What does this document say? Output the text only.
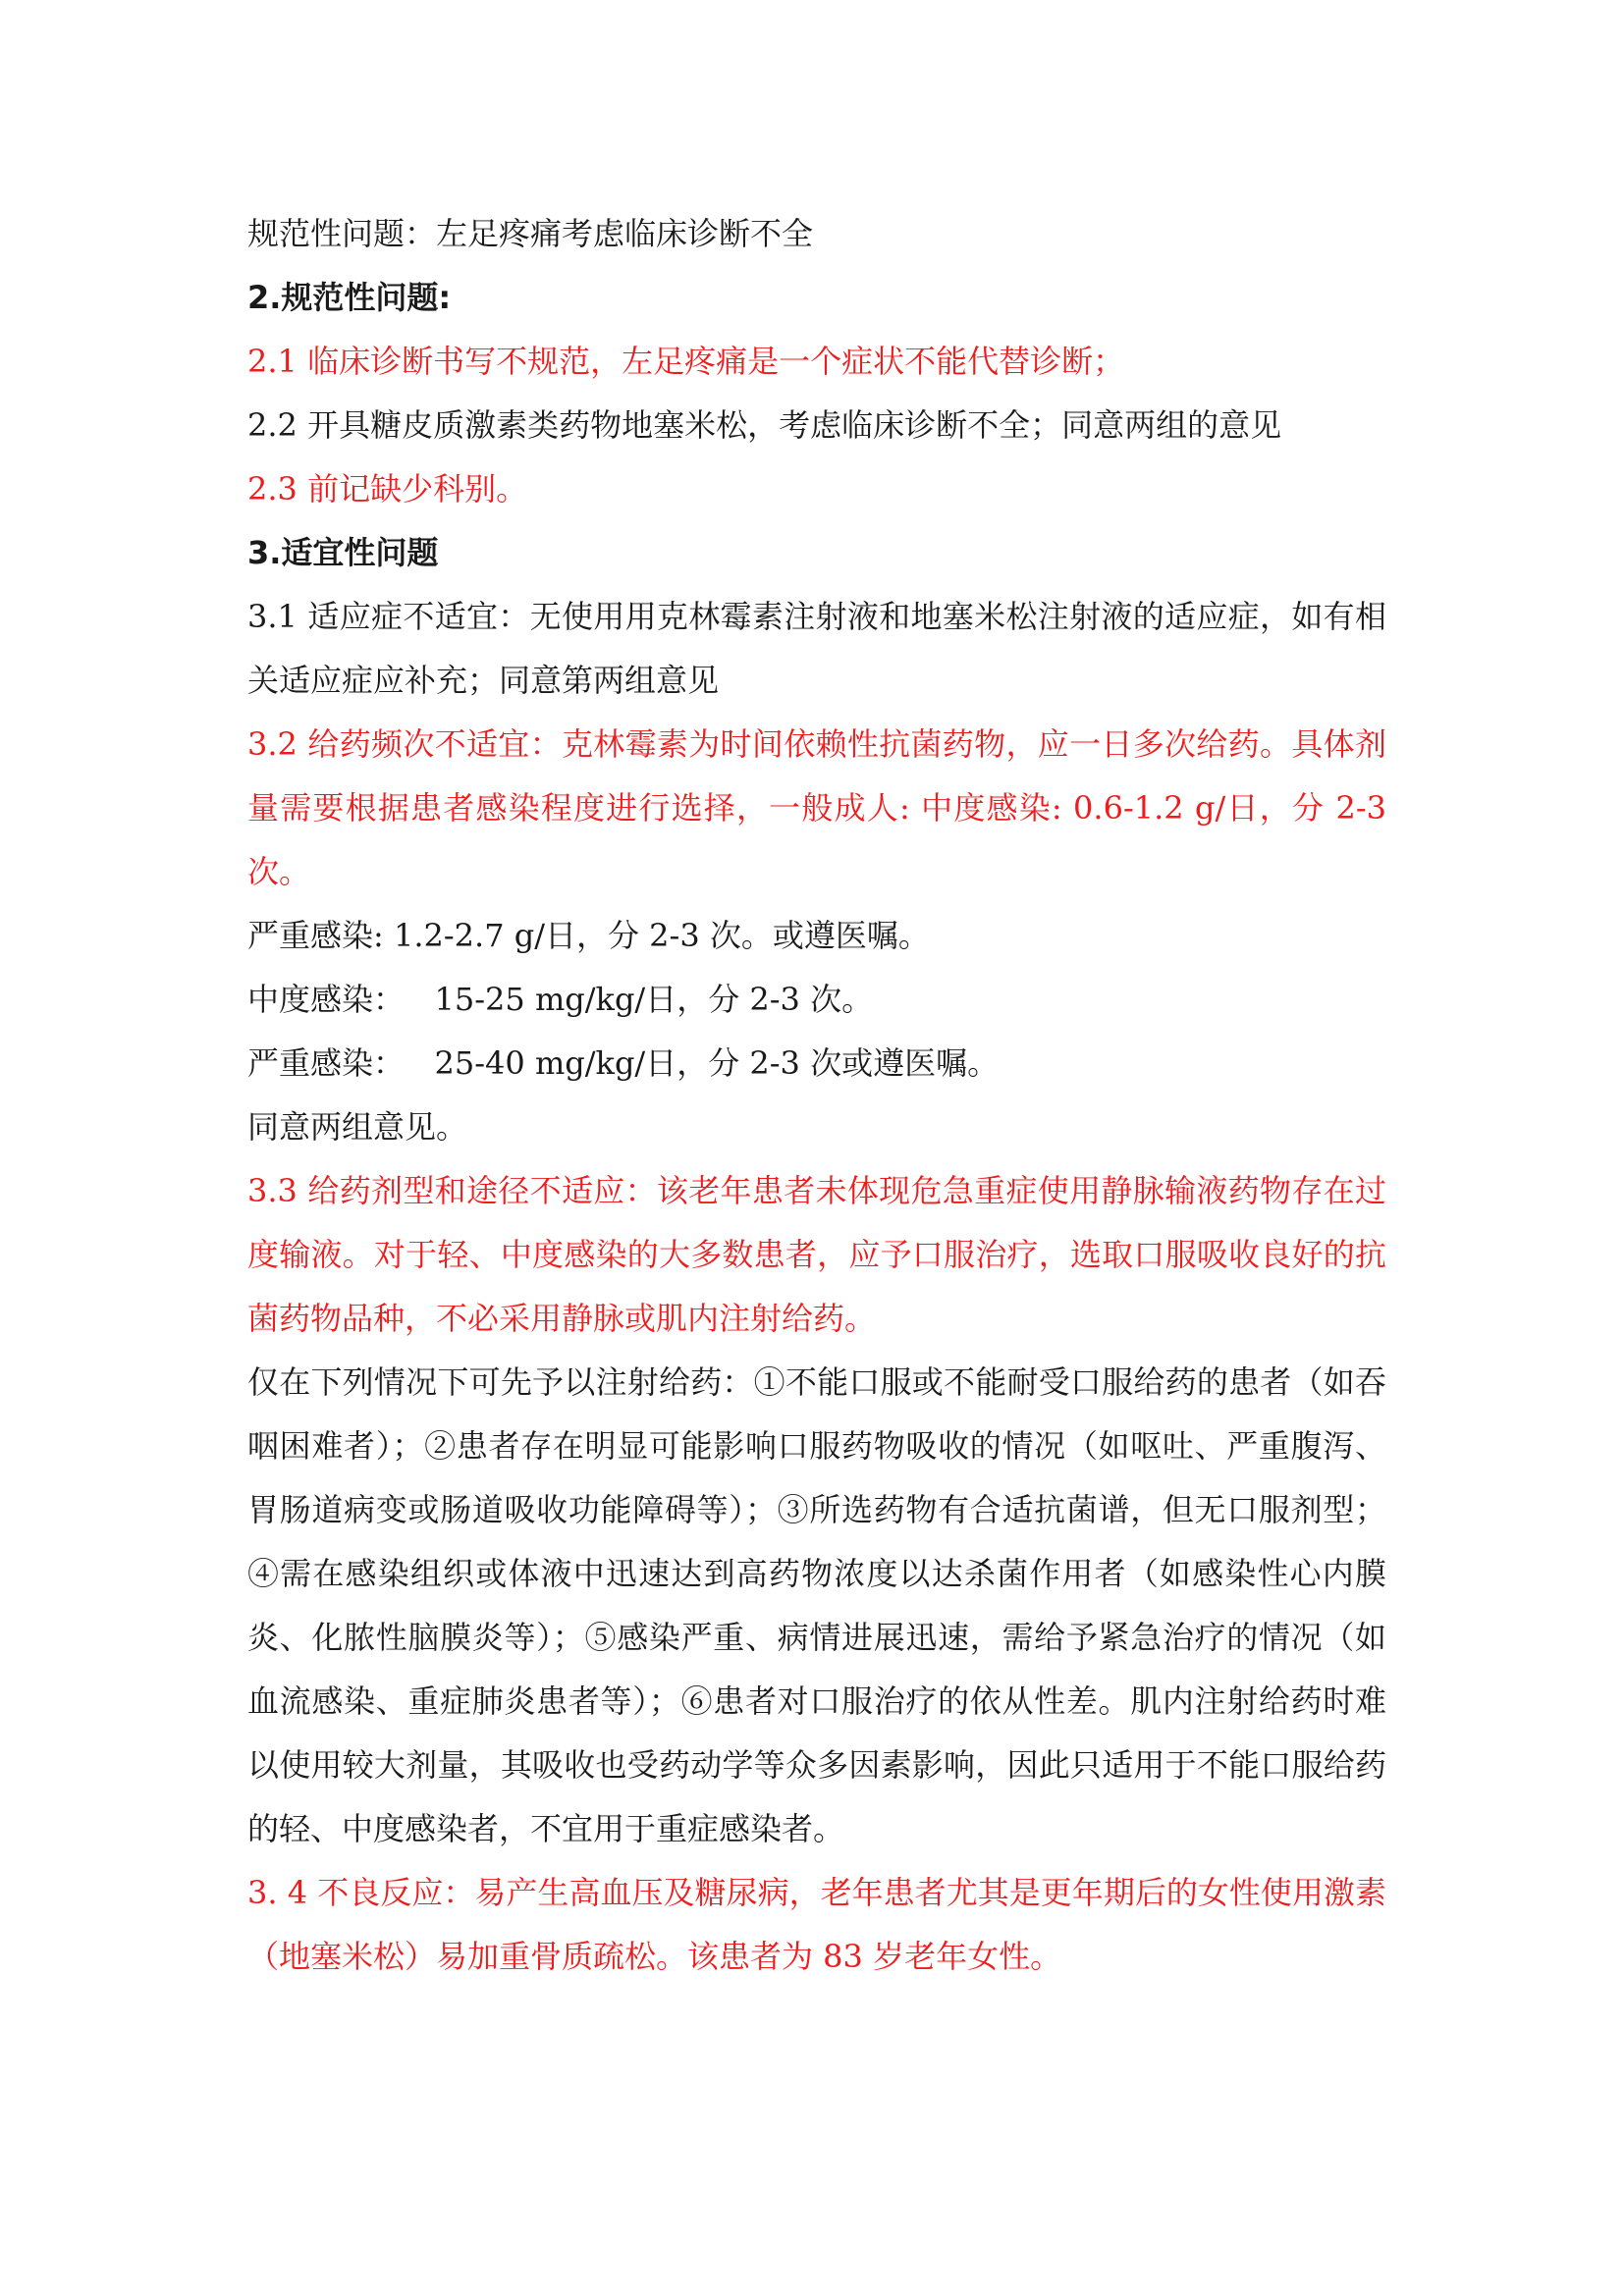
规范性问题：左足疼痛考虑临床诊断不全

2.规范性问题:

2.1 临床诊断书写不规范，左足疼痛是一个症状不能代替诊断；

2.2 开具糖皮质激素类药物地塞米松，考虑临床诊断不全；同意两组的意见

2.3 前记缺少科别。

3.适宜性问题

3.1 适应症不适宜：无使用用克林霉素注射液和地塞米松注射液的适应症，如有相关适应症应补充；同意第两组意见

3.2 给药频次不适宜：克林霉素为时间依赖性抗菌药物，应一日多次给药。具体剂量需要根据患者感染程度进行选择，一般成人: 中度感染: 0.6-1.2 g/日，分 2-3 次。

严重感染: 1.2-2.7 g/日，分 2-3 次。或遵医嘱。

中度感染：   15-25 mg/kg/日，分 2-3 次。

严重感染：   25-40 mg/kg/日，分 2-3 次或遵医嘱。

同意两组意见。

3.3 给药剂型和途径不适应：该老年患者未体现危急重症使用静脉输液药物存在过度输液。对于轻、中度感染的大多数患者，应予口服治疗，选取口服吸收良好的抗菌药物品种，不必采用静脉或肌内注射给药。

仅在下列情况下可先予以注射给药：①不能口服或不能耐受口服给药的患者（如吞咽困难者）；②患者存在明显可能影响口服药物吸收的情况（如呕吐、严重腹泻、胃肠道病变或肠道吸收功能障碍等）；③所选药物有合适抗菌谱，但无口服剂型；④需在感染组织或体液中迅速达到高药物浓度以达杀菌作用者（如感染性心内膜炎、化脓性脑膜炎等）；⑤感染严重、病情进展迅速，需给予紧急治疗的情况（如血流感染、重症肺炎患者等）；⑥患者对口服治疗的依从性差。肌内注射给药时难以使用较大剂量，其吸收也受药动学等众多因素影响，因此只适用于不能口服给药的轻、中度感染者，不宜用于重症感染者。

3. 4 不良反应：易产生高血压及糖尿病，老年患者尤其是更年期后的女性使用激素（地塞米松）易加重骨质疏松。该患者为 83 岁老年女性。
